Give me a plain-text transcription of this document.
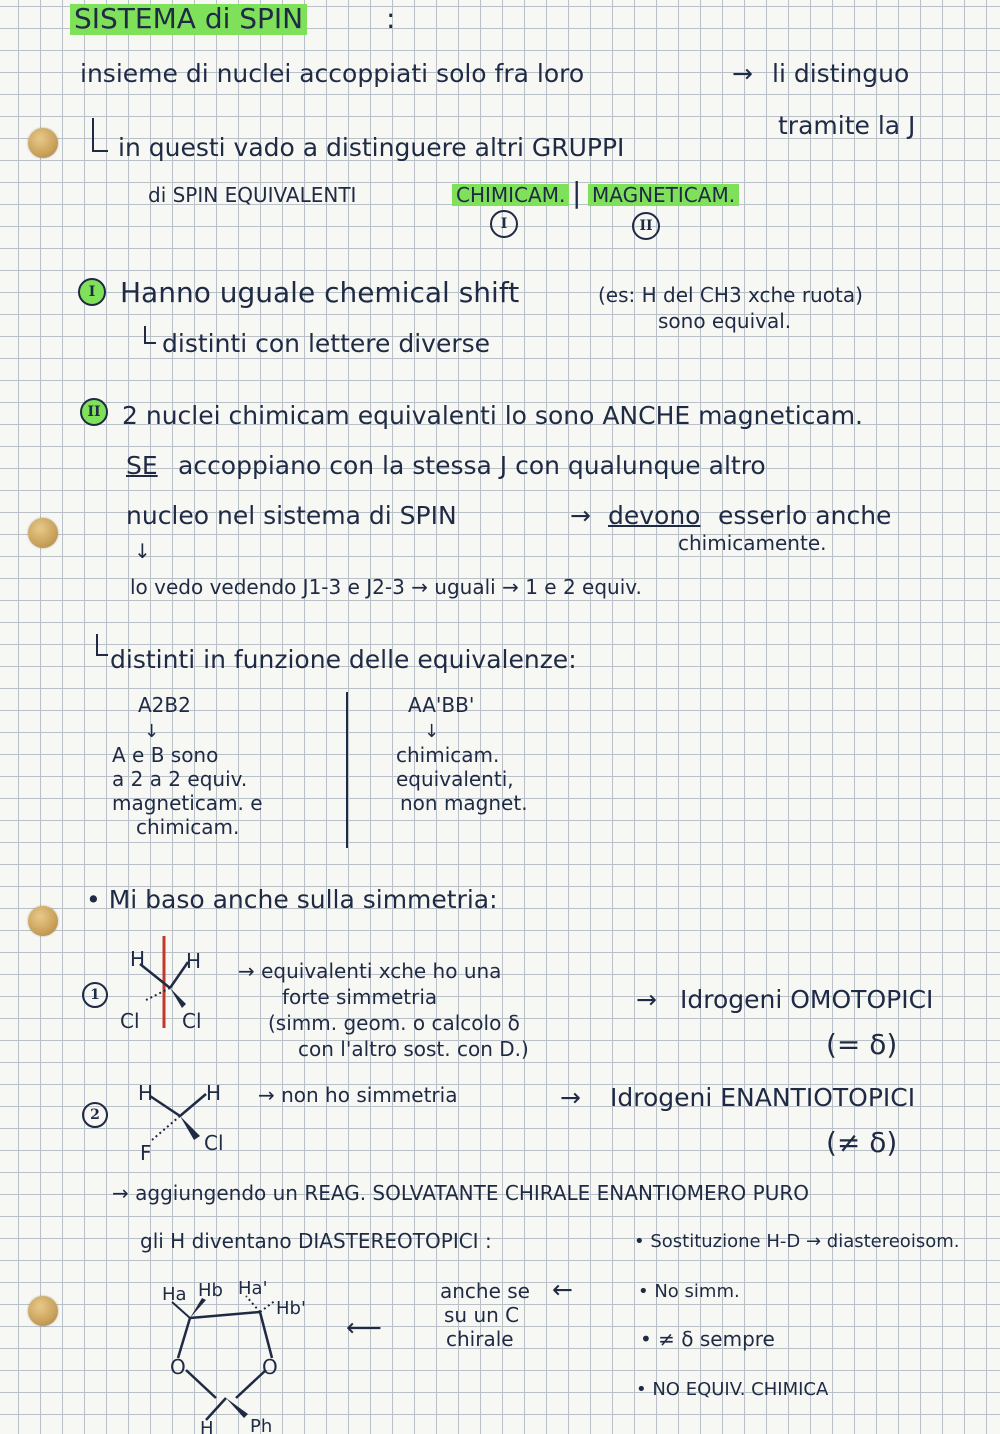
SISTEMA di SPIN	:
insieme di nuclei accoppiati solo fra loro	→ li distinguo
tramite la J
in questi vado a distinguere altri GRUPPI
di SPIN EQUIVALENTI	CHIMICAM. | MAGNETICAM.
I	II
I Hanno uguale chemical shift	(es: H del CH3 xche ruota)
sono equival.
distinti con lettere diverse
II 2 nuclei chimicam equivalenti lo sono ANCHE magneticam.
SE accoppiano con la stessa J con qualunque altro
nucleo nel sistema di SPIN	→ devono esserlo anche
chimicamente.
↓
lo vedo vedendo J1-3 e J2-3 → uguali → 1 e 2 equiv.
distinti in funzione delle equivalenze:
A2B2
↓
A e B sono
a 2 a 2 equiv.
magneticam. e
chimicam.
AA'BB'
↓
chimicam.
equivalenti,
non magnet.
• Mi baso anche sulla simmetria:
1
H H
Cl Cl
→ equivalenti xche ho una
forte simmetria
(simm. geom. o calcolo δ
con l'altro sost. con D.)
→ Idrogeni OMOTOPICI
(= δ)
2
H	H
F	Cl
→ non ho simmetria	→ Idrogeni ENANTIOTOPICI
(≠ δ)
→ aggiungendo un REAG. SOLVATANTE CHIRALE ENANTIOMERO PURO
gli H diventano DIASTEREOTOPICI :	• Sostituzione H-D → diastereoisom.
• No simm.
• ≠ δ sempre
• NO EQUIV. CHIMICA
anche se ←
su un C
chirale
⟵
Ha Hb Ha'
Hb'
O	O
H Ph
